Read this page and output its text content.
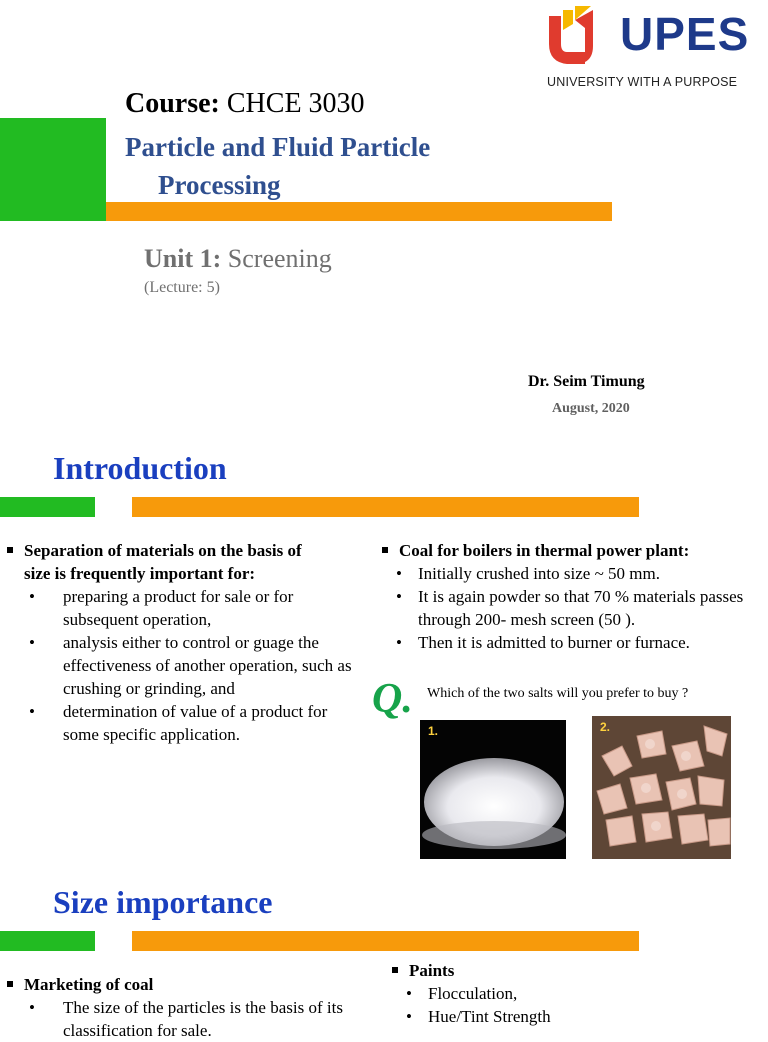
UPES
UNIVERSITY WITH A PURPOSE
Course: CHCE 3030
Particle and Fluid Particle
Processing
Unit 1: Screening
(Lecture: 5)
Dr. Seim Timung
August, 2020
Introduction
Separation of materials on the basis of
size is frequently important for:
• preparing a product for sale or for subsequent operation,
• analysis either to control or guage the effectiveness of another operation, such as crushing or grinding, and
• determination of value of a product for some specific application.
Coal for boilers in thermal power plant:
• Initially crushed into size ~ 50 mm.
• It is again powder so that 70 % materials passes through 200- mesh screen (50 ).
• Then it is admitted to burner or furnace.
Q. Which of the two salts will you prefer to buy ?
1.	2.
Size importance
Marketing of coal
• The size of the particles is the basis of its classification for sale.
Paints
• Flocculation,
• Hue/Tint Strength
